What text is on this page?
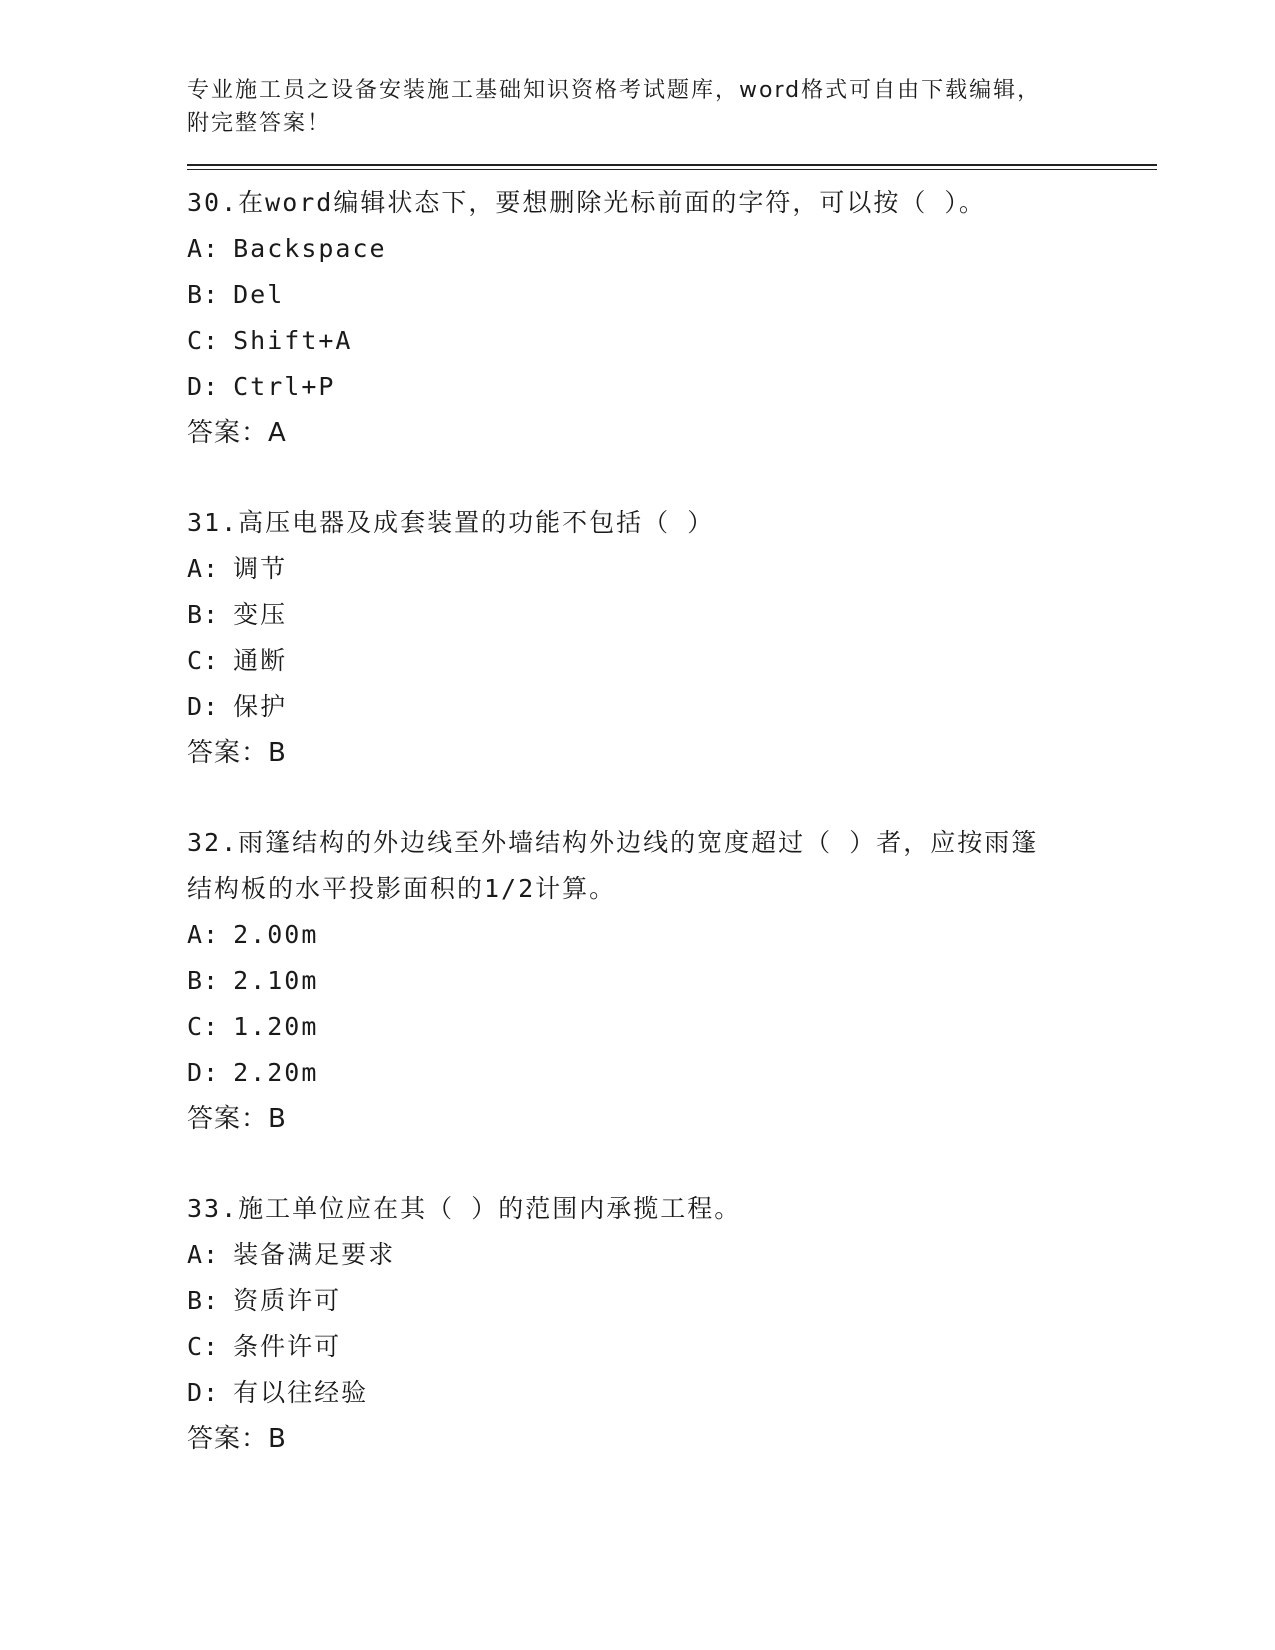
专业施工员之设备安装施工基础知识资格考试题库，word格式可自由下载编辑，

附完整答案！

30.在word编辑状态下，要想删除光标前面的字符，可以按（ ）。

A: Backspace

B: Del

C: Shift+A

D: Ctrl+P

答案：A

31.高压电器及成套装置的功能不包括（ ）

A: 调节

B: 变压

C: 通断

D: 保护

答案：B

32.雨篷结构的外边线至外墙结构外边线的宽度超过（ ）者，应按雨篷结构板的水平投影面积的1/2计算。

A: 2.00m

B: 2.10m

C: 1.20m

D: 2.20m

答案：B

33.施工单位应在其（ ）的范围内承揽工程。

A: 装备满足要求

B: 资质许可

C: 条件许可

D: 有以往经验

答案：B
